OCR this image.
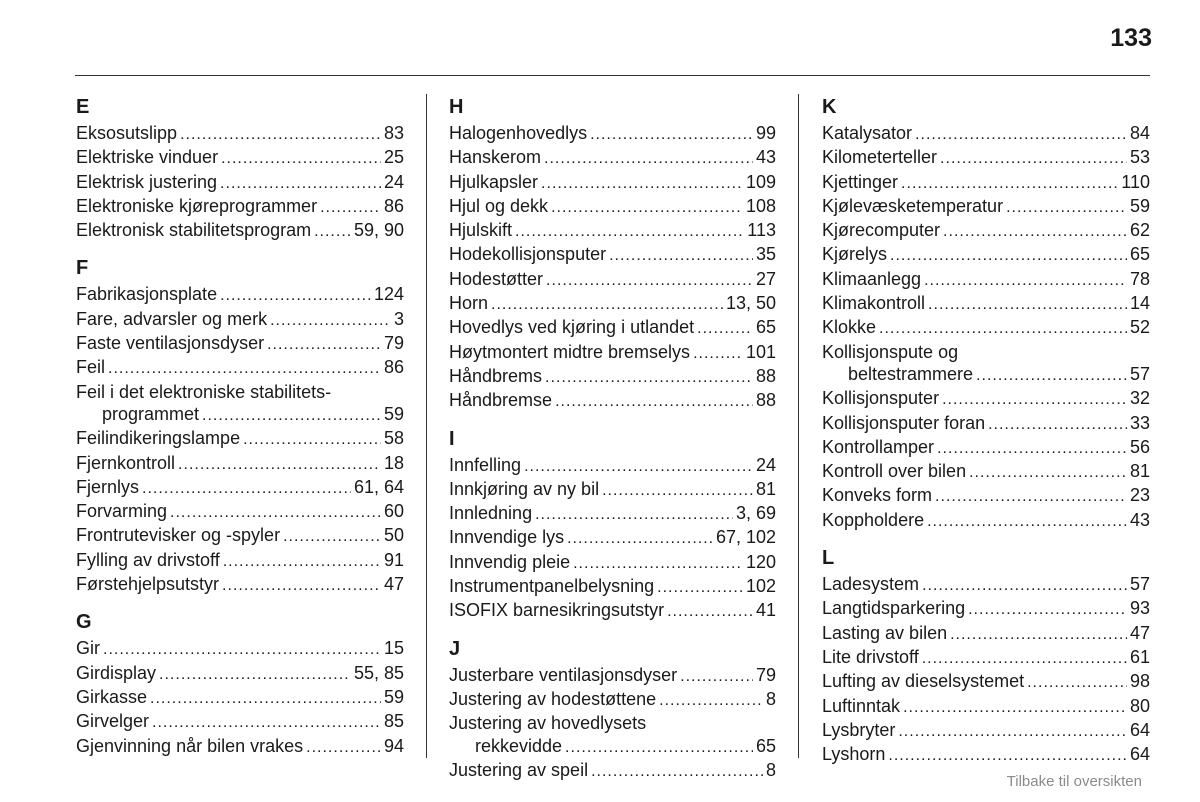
133
E
Eksosutslipp .....	83
Elektriske vinduer .....	25
Elektrisk justering .....	24
Elektroniske kjøreprogrammer .....	86
Elektronisk stabilitetsprogram ..... 59, 90
F
Fabrikasjonsplate .....	124
Fare, advarsler og merk .....	3
Faste ventilasjonsdyser .....	79
Feil .....	86
Feil i det elektroniske stabilitets-
programmet .....	59
Feilindikeringslampe .....	58
Fjernkontroll .....	18
Fjernlys .....	61, 64
Forvarming .....	60
Frontrutevisker og -spyler .....	50
Fylling av drivstoff .....	91
Førstehjelpsutstyr .....	47
G
Gir .....	15
Girdisplay .....	55, 85
Girkasse .....	59
Girvelger .....	85
Gjenvinning når bilen vrakes .....	94
H
Halogenhovedlys .....	99
Hanskerom .....	43
Hjulkapsler .....	109
Hjul og dekk .....	108
Hjulskift .....	113
Hodekollisjonsputer .....	35
Hodestøtter .....	27
Horn .....	13, 50
Hovedlys ved kjøring i utlandet .....	65
Høytmontert midtre bremselys .....	101
Håndbrems .....	88
Håndbremse .....	88
I
Innfelling .....	24
Innkjøring av ny bil .....	81
Innledning .....	3, 69
Innvendige lys .....	67, 102
Innvendig pleie .....	120
Instrumentpanelbelysning .....	102
ISOFIX barnesikringsutstyr .....	41
J
Justerbare ventilasjonsdyser .....	79
Justering av hodestøttene .....	8
Justering av hovedlysets
rekkevidde .....	65
Justering av speil .....	8
K
Katalysator .....	84
Kilometerteller .....	53
Kjettinger .....	110
Kjølevæsketemperatur .....	59
Kjørecomputer .....	62
Kjørelys .....	65
Klimaanlegg .....	78
Klimakontroll .....	14
Klokke .....	52
Kollisjonspute og
beltestrammere .....	57
Kollisjonsputer .....	32
Kollisjonsputer foran .....	33
Kontrollamper .....	56
Kontroll over bilen .....	81
Konveks form .....	23
Koppholdere .....	43
L
Ladesystem .....	57
Langtidsparkering .....	93
Lasting av bilen .....	47
Lite drivstoff .....	61
Lufting av dieselsystemet .....	98
Luftinntak .....	80
Lysbryter .....	64
Lyshorn .....	64
Tilbake til oversikten
